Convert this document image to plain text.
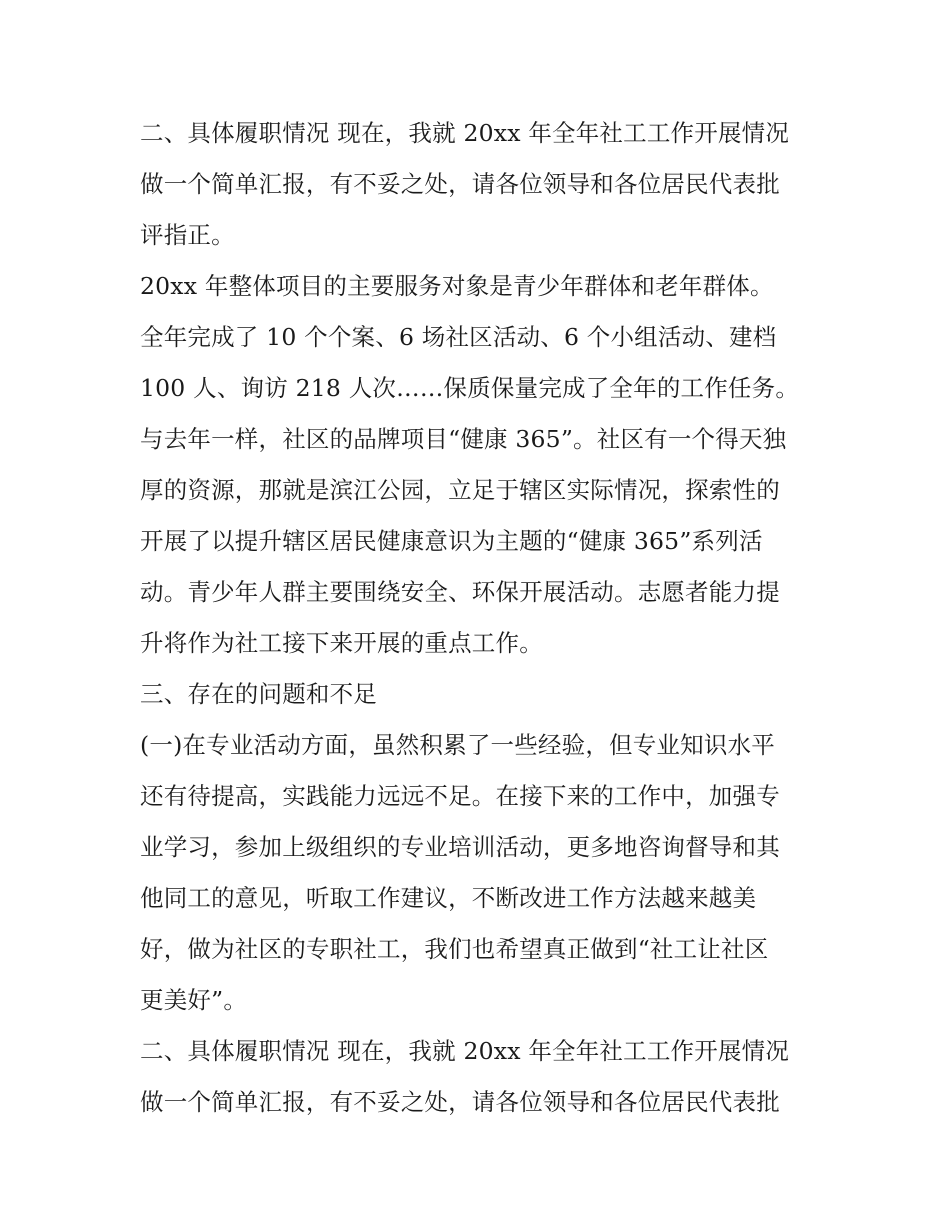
二、具体履职情况 现在，我就 20xx 年全年社工工作开展情况
做一个简单汇报，有不妥之处，请各位领导和各位居民代表批
评指正。
20xx 年整体项目的主要服务对象是青少年群体和老年群体。
全年完成了 10 个个案、6 场社区活动、6 个小组活动、建档
100 人、询访 218 人次……保质保量完成了全年的工作任务。
与去年一样，社区的品牌项目“健康 365”。社区有一个得天独
厚的资源，那就是滨江公园，立足于辖区实际情况，探索性的
开展了以提升辖区居民健康意识为主题的“健康 365”系列活
动。青少年人群主要围绕安全、环保开展活动。志愿者能力提
升将作为社工接下来开展的重点工作。
三、存在的问题和不足
(一)在专业活动方面，虽然积累了一些经验，但专业知识水平
还有待提高，实践能力远远不足。在接下来的工作中，加强专
业学习，参加上级组织的专业培训活动，更多地咨询督导和其
他同工的意见，听取工作建议，不断改进工作方法越来越美
好，做为社区的专职社工，我们也希望真正做到“社工让社区
更美好”。
二、具体履职情况 现在，我就 20xx 年全年社工工作开展情况
做一个简单汇报，有不妥之处，请各位领导和各位居民代表批
